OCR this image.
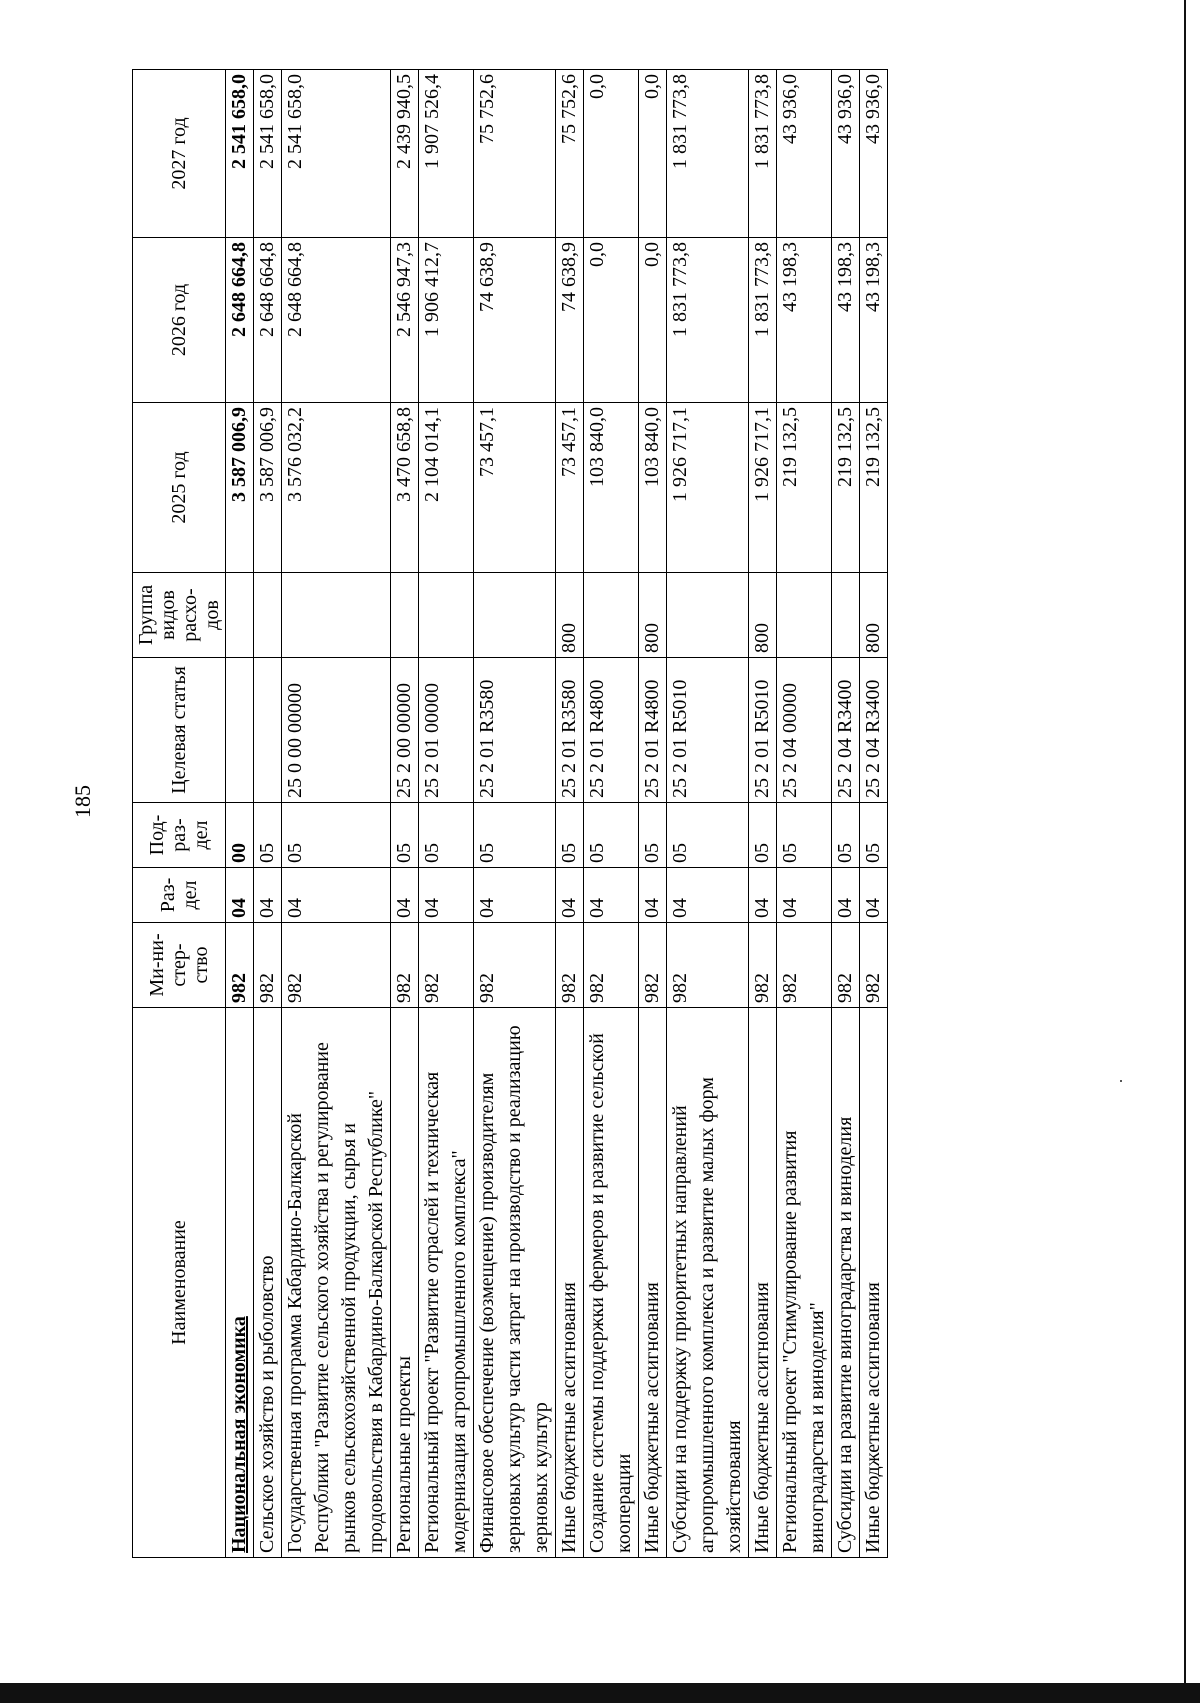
185
Наименование	Ми-ни-стер-ство	Раз-дел	Под-раз-дел	Целевая статья	Группа видов расхо-дов	2025 год	2026 год	2027 год
Национальная экономика	982	04	00			3 587 006,9	2 648 664,8	2 541 658,0
Сельское хозяйство и рыболовство	982	04	05			3 587 006,9	2 648 664,8	2 541 658,0
Государственная программа Кабардино-Балкарской Республики "Развитие сельского хозяйства и регулирование рынков сельскохозяйственной продукции, сырья и продовольствия в Кабардино-Балкарской Республике"	982	04	05	25 0 00 00000		3 576 032,2	2 648 664,8	2 541 658,0
Региональные проекты	982	04	05	25 2 00 00000		3 470 658,8	2 546 947,3	2 439 940,5
Региональный проект "Развитие отраслей и техническая модернизация агропромышленного комплекса"	982	04	05	25 2 01 00000		2 104 014,1	1 906 412,7	1 907 526,4
Финансовое обеспечение (возмещение) производителям зерновых культур части затрат на производство и реализацию зерновых культур	982	04	05	25 2 01 R3580		73 457,1	74 638,9	75 752,6
Иные бюджетные ассигнования	982	04	05	25 2 01 R3580	800	73 457,1	74 638,9	75 752,6
Создание системы поддержки фермеров и развитие сельской кооперации	982	04	05	25 2 01 R4800		103 840,0	0,0	0,0
Иные бюджетные ассигнования	982	04	05	25 2 01 R4800	800	103 840,0	0,0	0,0
Субсидии на поддержку приоритетных направлений агропромышленного комплекса и развитие малых форм хозяйствования	982	04	05	25 2 01 R5010		1 926 717,1	1 831 773,8	1 831 773,8
Иные бюджетные ассигнования	982	04	05	25 2 01 R5010	800	1 926 717,1	1 831 773,8	1 831 773,8
Региональный проект "Стимулирование развития виноградарства и виноделия"	982	04	05	25 2 04 00000		219 132,5	43 198,3	43 936,0
Субсидии на развитие виноградарства и виноделия	982	04	05	25 2 04 R3400		219 132,5	43 198,3	43 936,0
Иные бюджетные ассигнования	982	04	05	25 2 04 R3400	800	219 132,5	43 198,3	43 936,0
